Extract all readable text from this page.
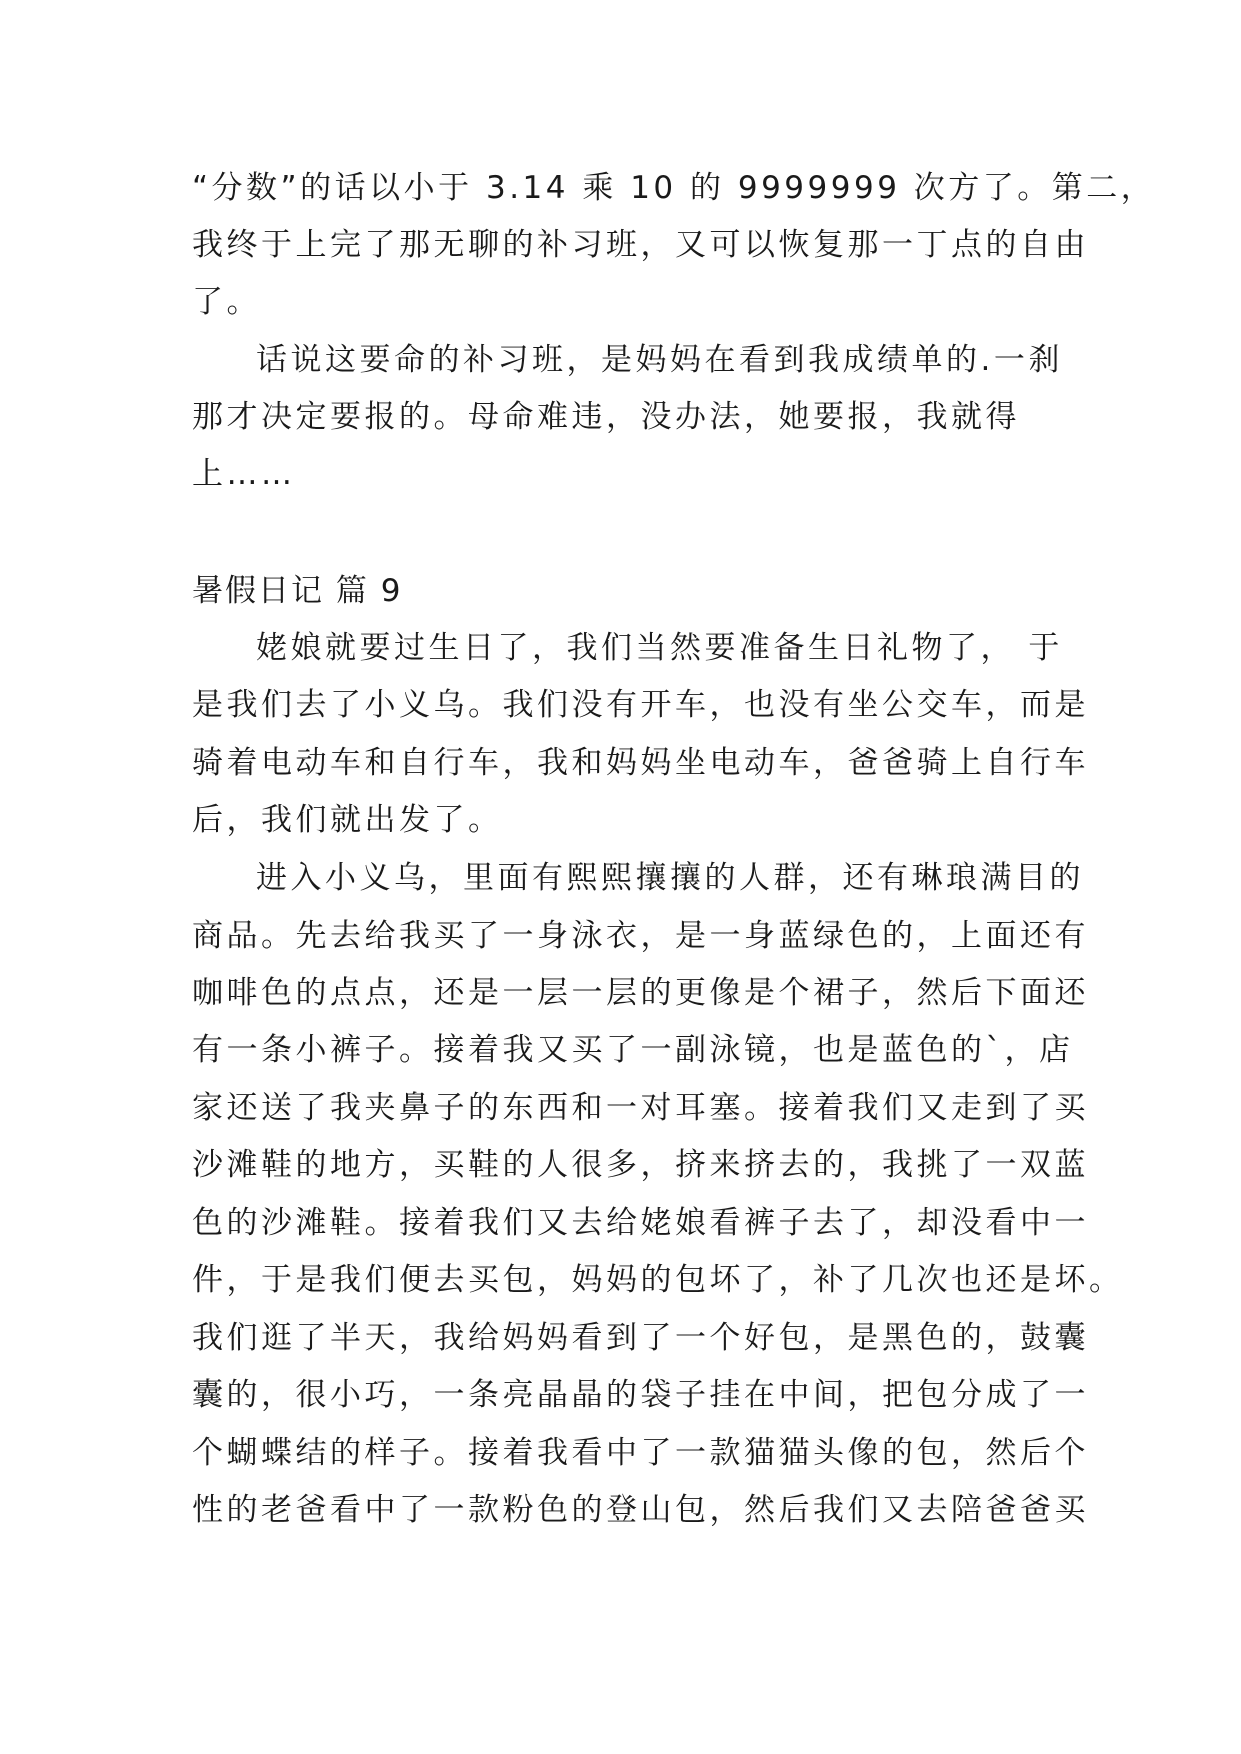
“分数”的话以小于 3.14 乘 10 的 9999999 次方了。第二，
我终于上完了那无聊的补习班，又可以恢复那一丁点的自由
了。
话说这要命的补习班，是妈妈在看到我成绩单的.一刹
那才决定要报的。母命难违，没办法，她要报，我就得
上……
暑假日记 篇 9
姥娘就要过生日了，我们当然要准备生日礼物了， 于
是我们去了小义乌。我们没有开车，也没有坐公交车，而是
骑着电动车和自行车，我和妈妈坐电动车，爸爸骑上自行车
后，我们就出发了。
进入小义乌，里面有熙熙攘攘的人群，还有琳琅满目的
商品。先去给我买了一身泳衣，是一身蓝绿色的，上面还有
咖啡色的点点，还是一层一层的更像是个裙子，然后下面还
有一条小裤子。接着我又买了一副泳镜，也是蓝色的`，店
家还送了我夹鼻子的东西和一对耳塞。接着我们又走到了买
沙滩鞋的地方，买鞋的人很多，挤来挤去的，我挑了一双蓝
色的沙滩鞋。接着我们又去给姥娘看裤子去了，却没看中一
件，于是我们便去买包，妈妈的包坏了，补了几次也还是坏。
我们逛了半天，我给妈妈看到了一个好包，是黑色的，鼓囊
囊的，很小巧，一条亮晶晶的袋子挂在中间，把包分成了一
个蝴蝶结的样子。接着我看中了一款猫猫头像的包，然后个
性的老爸看中了一款粉色的登山包，然后我们又去陪爸爸买
